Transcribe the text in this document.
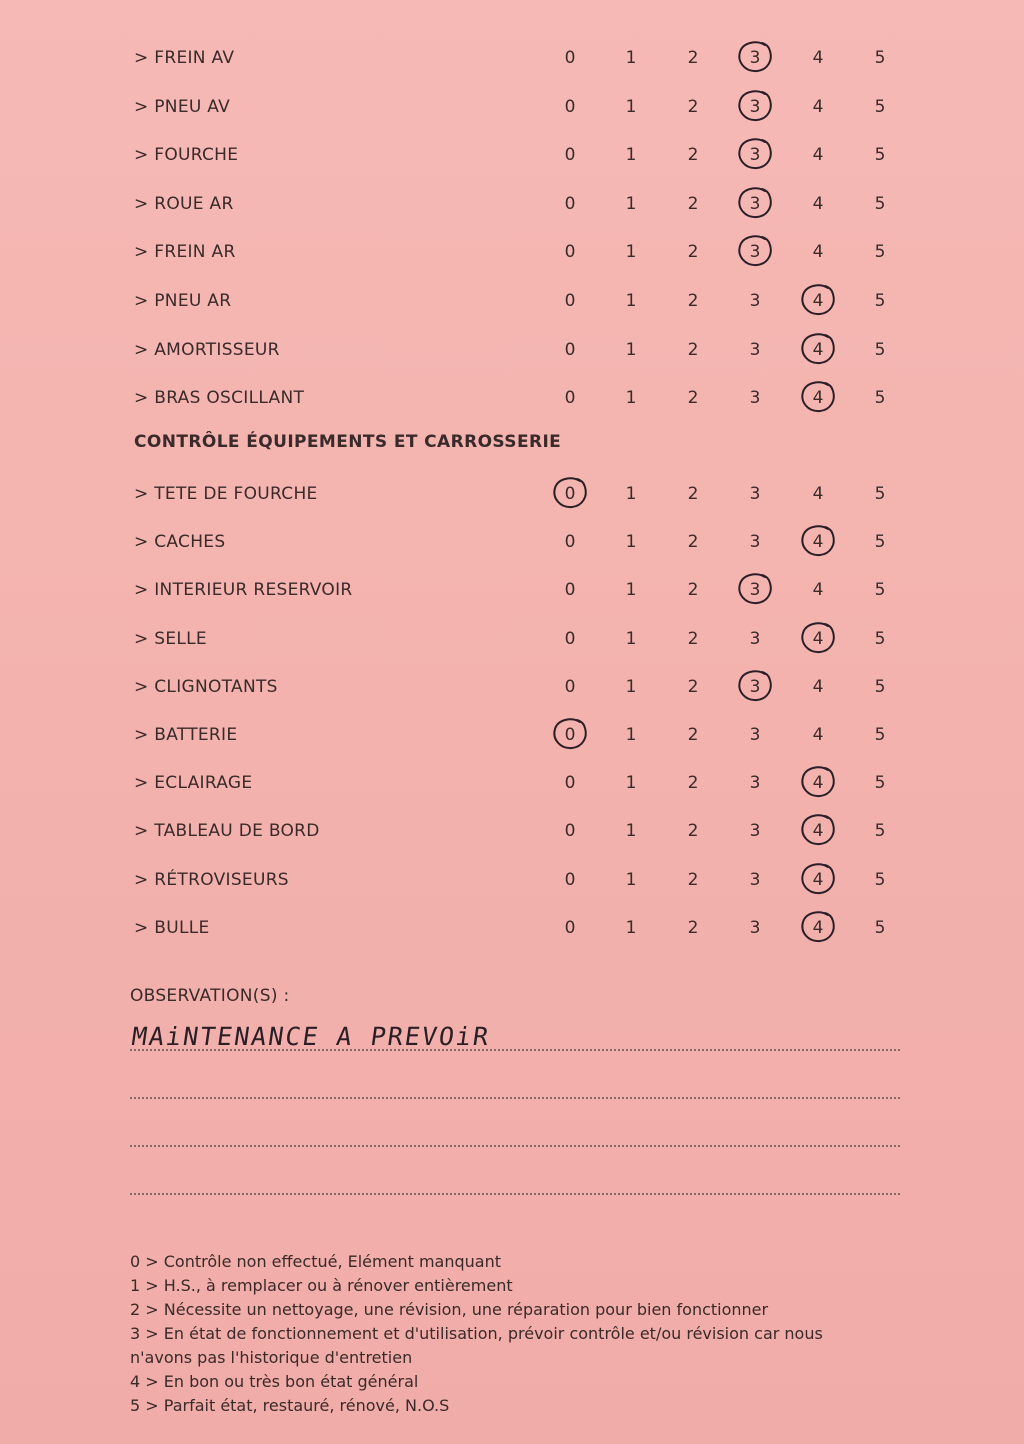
> FREIN AV	0	1	2	3	4	5
> PNEU AV	0	1	2	3	4	5
> FOURCHE	0	1	2	3	4	5
> ROUE AR	0	1	2	3	4	5
> FREIN AR	0	1	2	3	4	5
> PNEU AR	0	1	2	3	4	5
> AMORTISSEUR	0	1	2	3	4	5
> BRAS OSCILLANT	0	1	2	3	4	5
CONTRÔLE ÉQUIPEMENTS ET CARROSSERIE
> TETE DE FOURCHE	0	1	2	3	4	5
> CACHES	0	1	2	3	4	5
> INTERIEUR RESERVOIR	0	1	2	3	4	5
> SELLE	0	1	2	3	4	5
> CLIGNOTANTS	0	1	2	3	4	5
> BATTERIE	0	1	2	3	4	5
> ECLAIRAGE	0	1	2	3	4	5
> TABLEAU DE BORD	0	1	2	3	4	5
> RÉTROVISEURS	0	1	2	3	4	5
> BULLE	0	1	2	3	4	5
OBSERVATION(S) :
MAiNTENANCE A PREVOiR
0 > Contrôle non effectué, Elément manquant
1 > H.S., à remplacer ou à rénover entièrement
2 > Nécessite un nettoyage, une révision, une réparation pour bien fonctionner
3 > En état de fonctionnement et d'utilisation, prévoir contrôle et/ou révision car nous
n'avons pas l'historique d'entretien
4 > En bon ou très bon état général
5 > Parfait état, restauré, rénové, N.O.S
